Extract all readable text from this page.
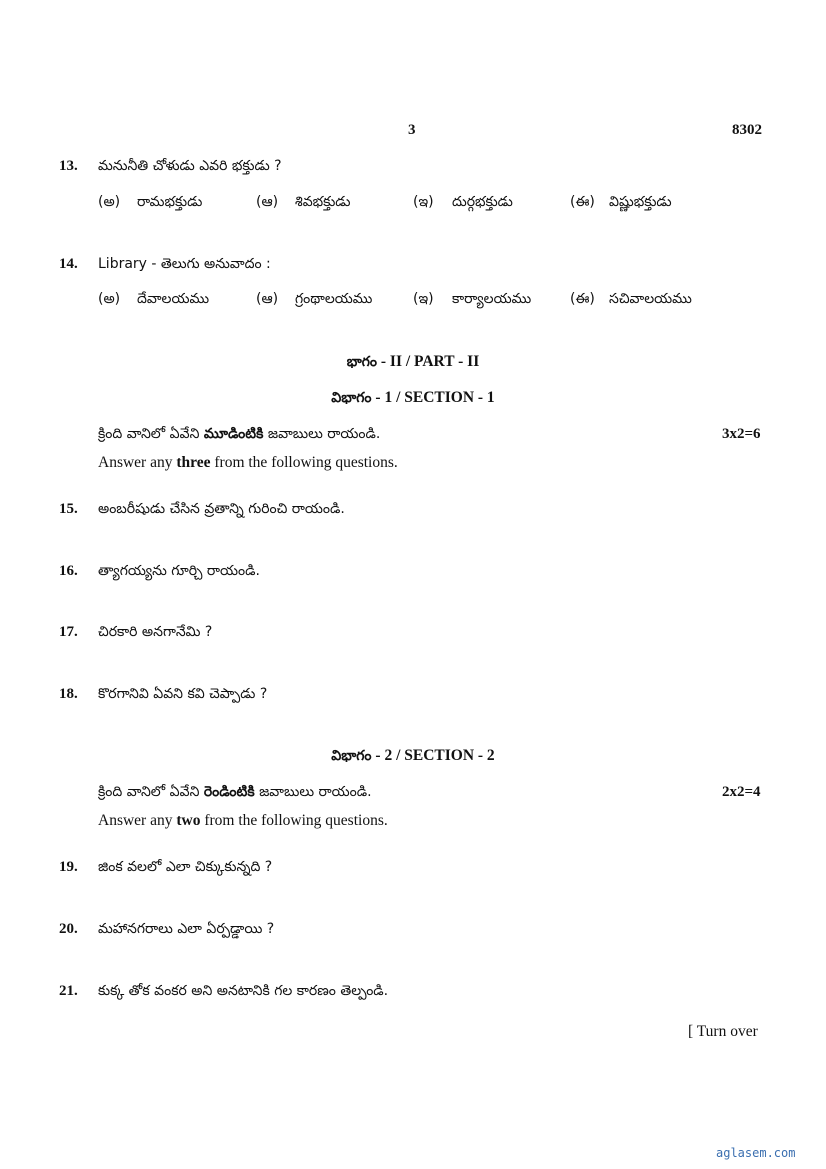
3	8302
13. మనునీతి చోళుడు ఎవరి భక్తుడు ?
(అ) రామభక్తుడు	(ఆ) శివభక్తుడు	(ఇ) దుర్గభక్తుడు	(ఈ) విష్ణుభక్తుడు
14. Library - తెలుగు అనువాదం :
(అ) దేవాలయము	(ఆ) గ్రంథాలయము	(ఇ) కార్యాలయము	(ఈ) సచివాలయము
భాగం - II / PART - II
విభాగం - 1 / SECTION - 1
క్రింది వానిలో ఏవేని మూడింటికి జవాబులు రాయండి.	3x2=6
Answer any three from the following questions.
15. అంబరీషుడు చేసిన వ్రతాన్ని గురించి రాయండి.
16. త్యాగయ్యను గూర్చి రాయండి.
17. చిరకారి అనగానేమి ?
18. కొరగానివి ఏవని కవి చెప్పాడు ?
విభాగం - 2 / SECTION - 2
క్రింది వానిలో ఏవేని రెండింటికి జవాబులు రాయండి.	2x2=4
Answer any two from the following questions.
19. జింక వలలో ఎలా చిక్కుకున్నది ?
20. మహానగరాలు ఎలా ఏర్పడ్డాయి ?
21. కుక్క తోక వంకర అని అనటానికి గల కారణం తెల్పండి.
[ Turn over
aglasem.com
